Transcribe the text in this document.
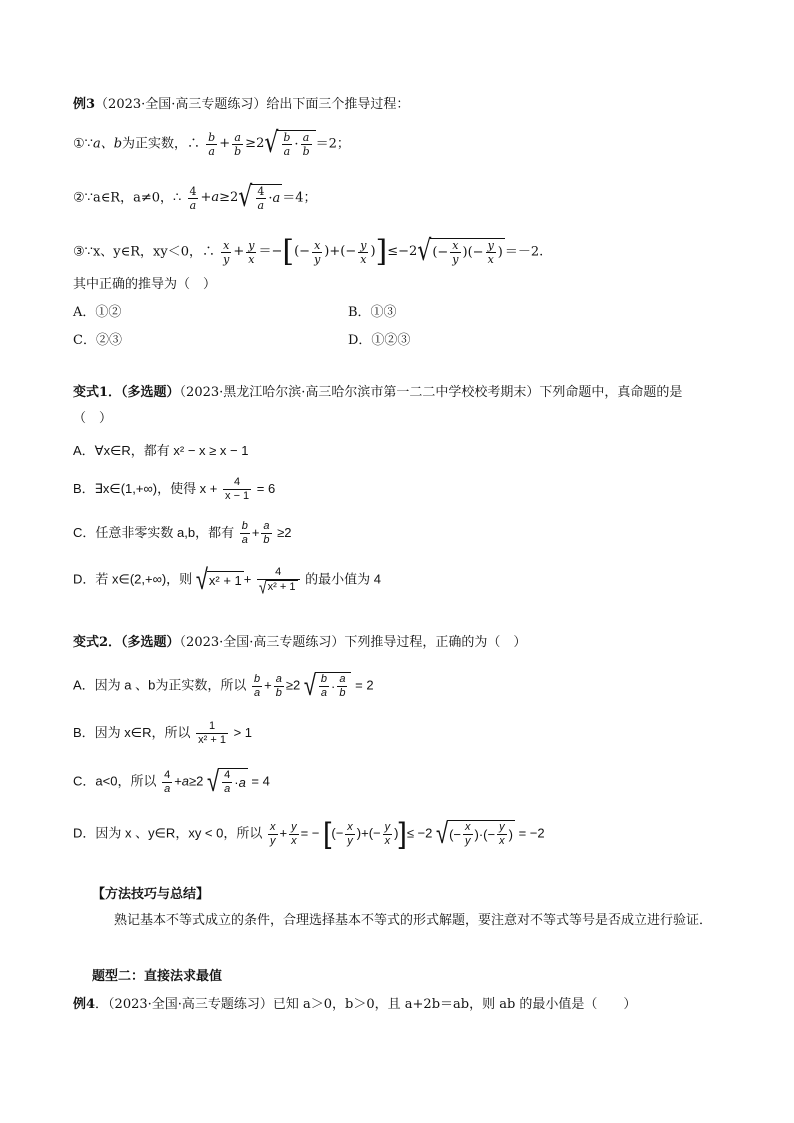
例3（2023·全国·高三专题练习）给出下面三个推导过程：
①∵a、b为正实数，∴ $\frac{b}{a} + \frac{a}{b} \ge 2$ √ $\frac{b}{a} \cdot \frac{a}{b} =2$；
②∵a∈R，a≠0，∴ $\frac{4}{a} + a \ge 2$ √ $\frac{4}{a} \cdot a =4$；
③∵x、y∈R，xy＜0，∴ $\frac{x}{y} + \frac{y}{x}$ ＝− [ (− $\frac{x}{y}$ )+(− $\frac{y}{x}$ ) ] ≤−2 √ (− $\frac{x}{y}$ )(− $\frac{y}{x}$ ) ＝－2.
其中正确的推导为（　）
A．①②	B．①③
C．②③	D．①②③
变式1．（多选题）（2023·黑龙江哈尔滨·高三哈尔滨市第一二二中学校校考期末）下列命题中，真命题的是
（　）
A．∀x∈R，都有 x² − x ≥ x − 1
B．∃x∈(1,+∞)，使得 $x + \frac{4}{x - 1} = 6$
C．任意非零实数 a,b，都有 $\frac{b}{a} + \frac{a}{b} \ge 2$
D．若 x∈(2,+∞)，则 √ $x^2 + 1 + \frac{4}{\text{√ x² + 1}}$ 的最小值为 4
变式2．（多选题）（2023·全国·高三专题练习）下列推导过程，正确的为（　）
A．因为 a 、b为正实数，所以 $\frac{b}{a} + \frac{a}{b} \ge 2$ √ $\frac{b}{a} \cdot \frac{a}{b} = 2$
B．因为 x∈R，所以 $\frac{1}{\text{x² + 1}} > 1$
C．a<0，所以 $\frac{4}{a} +a\ge 2$ √ $\frac{4}{a} \cdot a = 4$
D．因为 x 、y∈R，xy < 0，所以 $\frac{x}{y} + \frac{y}{x}$ = − [(− $\frac{x}{y}$ )+(− $\frac{y}{x}$ )]≤ −2 √ (− $\frac{x}{y}$ )·(− $\frac{y}{x}$ ) = −2
【方法技巧与总结】
熟记基本不等式成立的条件，合理选择基本不等式的形式解题，要注意对不等式等号是否成立进行验证．
题型二：直接法求最值
例4．（2023·全国·高三专题练习）已知 a＞0，b＞0，且 a+2b＝ab，则 ab 的最小值是（　　）
